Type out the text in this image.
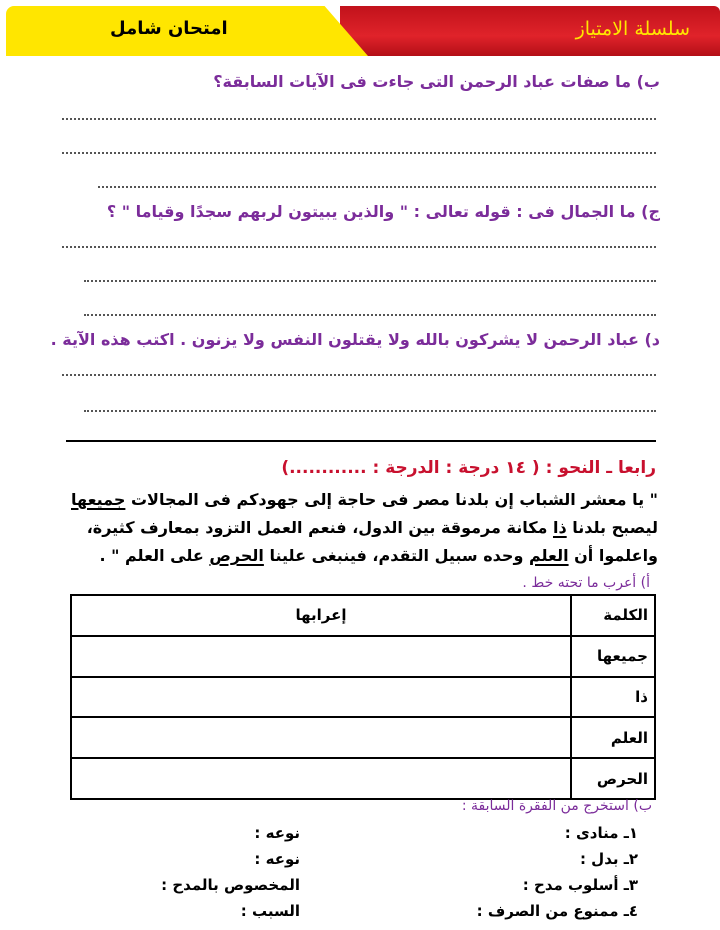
سلسلة الامتياز
امتحان شامل
ب) ما صفات عباد الرحمن التى جاءت فى الآيات السابقة؟
ج) ما الجمال فى : قوله تعالى : " والذين يبيتون لربهم سجدًا وقياما " ؟
د) عباد الرحمن لا يشركون بالله ولا يقتلون النفس ولا يزنون . اكتب هذه الآية .
رابعا ـ النحو : ( ١٤ درجة : الدرجة : ............)
" يا معشر الشباب إن بلدنا مصر فى حاجة إلى جهودكم فى المجالات جميعها
ليصبح بلدنا ذا مكانة مرموقة بين الدول، فنعم العمل التزود بمعارف كثيرة،
واعلموا أن العلم وحده سبيل التقدم، فينبغى علينا الحرص على العلم " .
أ) أعرب ما تحته خط .
الكلمة	إعرابها
جميعها	
ذا	
العلم	
الحرص	
ب) استخرج من الفقرة السابقة :
١ـ منادى :
نوعه :
٢ـ بدل :
نوعه :
٣ـ أسلوب مدح :
المخصوص بالمدح :
٤ـ ممنوع من الصرف :
السبب :
